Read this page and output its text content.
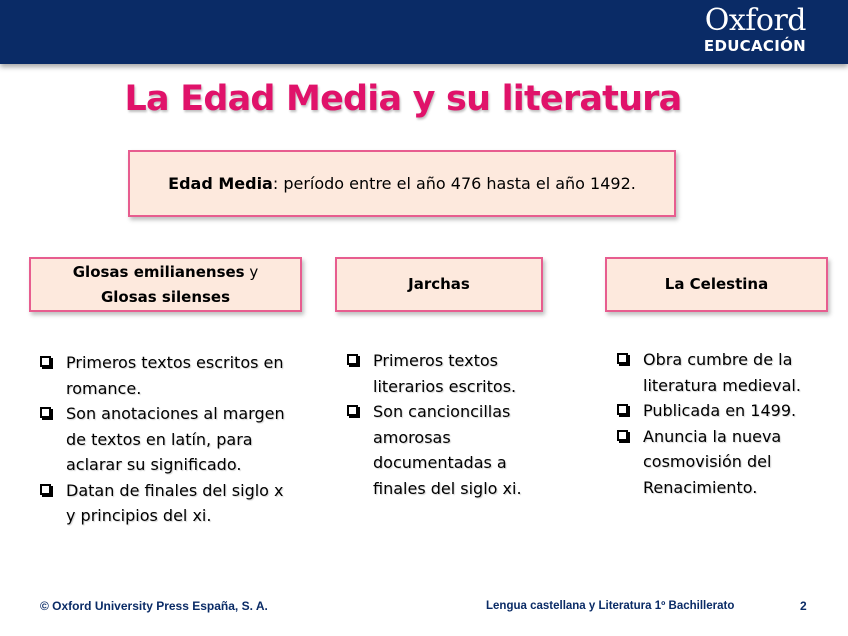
Oxford
EDUCACIÓN
La Edad Media y su literatura
Edad Media: período entre el año 476 hasta el año 1492.
Glosas emilianenses y
Glosas silenses
Jarchas	La Celestina
Primeros textos escritos en romance.
Son anotaciones al margen de textos en latín, para aclarar su significado.
Datan de finales del siglo x y principios del xi.
Primeros textos literarios escritos.
Son cancioncillas amorosas documentadas a finales del siglo xi.
Obra cumbre de la literatura medieval.
Publicada en 1499.
Anuncia la nueva cosmovisión del Renacimiento.
© Oxford University Press España, S. A.	Lengua castellana y Literatura 1º Bachillerato	2
